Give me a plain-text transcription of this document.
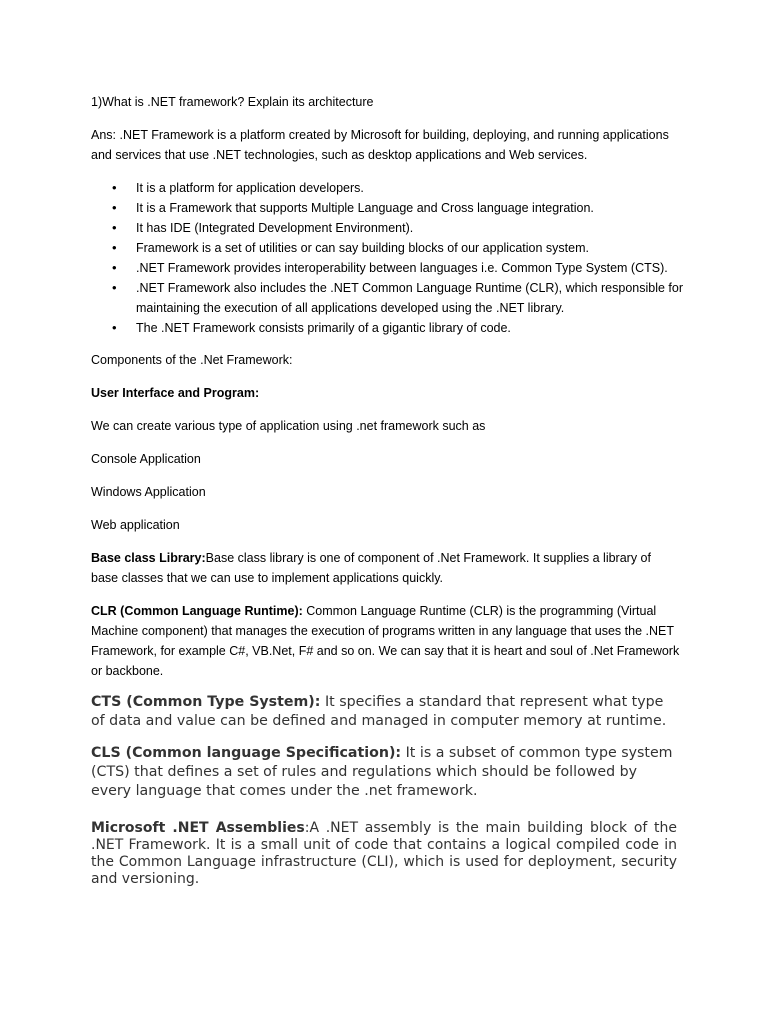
1)What is .NET framework? Explain its architecture

Ans: .NET Framework is a platform created by Microsoft for building, deploying, and running applications and services that use .NET technologies, such as desktop applications and Web services.

• It is a platform for application developers.
• It is a Framework that supports Multiple Language and Cross language integration.
• It has IDE (Integrated Development Environment).
• Framework is a set of utilities or can say building blocks of our application system.
• .NET Framework provides interoperability between languages i.e. Common Type System (CTS).
• .NET Framework also includes the .NET Common Language Runtime (CLR), which responsible for maintaining the execution of all applications developed using the .NET library.
• The .NET Framework consists primarily of a gigantic library of code.

Components of the .Net Framework:

User Interface and Program:

We can create various type of application using .net framework such as

Console Application

Windows Application

Web application

Base class Library:Base class library is one of component of .Net Framework. It supplies a library of base classes that we can use to implement applications quickly.

CLR (Common Language Runtime): Common Language Runtime (CLR) is the programming (Virtual Machine component) that manages the execution of programs written in any language that uses the .NET Framework, for example C#, VB.Net, F# and so on. We can say that it is heart and soul of .Net Framework or backbone.

CTS (Common Type System): It specifies a standard that represent what type of data and value can be defined and managed in computer memory at runtime.

CLS (Common language Specification): It is a subset of common type system (CTS) that defines a set of rules and regulations which should be followed by every language that comes under the .net framework.

Microsoft .NET Assemblies:A .NET assembly is the main building block of the .NET Framework. It is a small unit of code that contains a logical compiled code in the Common Language infrastructure (CLI), which is used for deployment, security and versioning.
